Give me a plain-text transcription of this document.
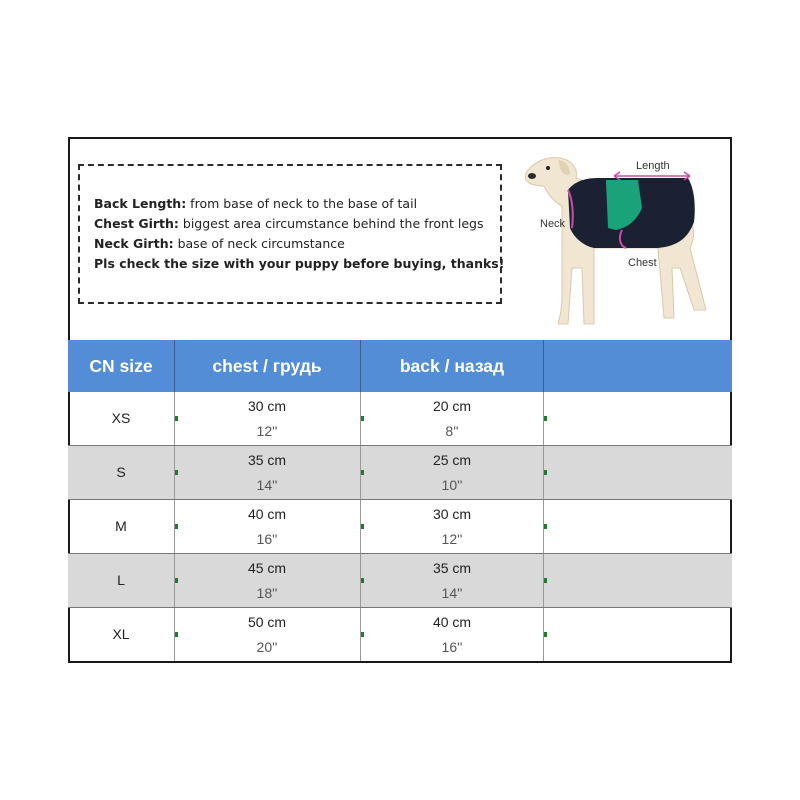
Back Length: from base of neck to the base of tail
Chest Girth: biggest area circumstance behind the front legs
Neck Girth: base of neck circumstance
Pls check the size with your puppy before buying, thanks!
Length
Neck
Chest
CN size	chest / грудь	back / назад
XS
30 cm
12''
20 cm
8''
S
35 cm
14''
25 cm
10''
M
40 cm
16''
30 cm
12''
L
45 cm
18''
35 cm
14''
XL
50 cm
20''
40 cm
16''
